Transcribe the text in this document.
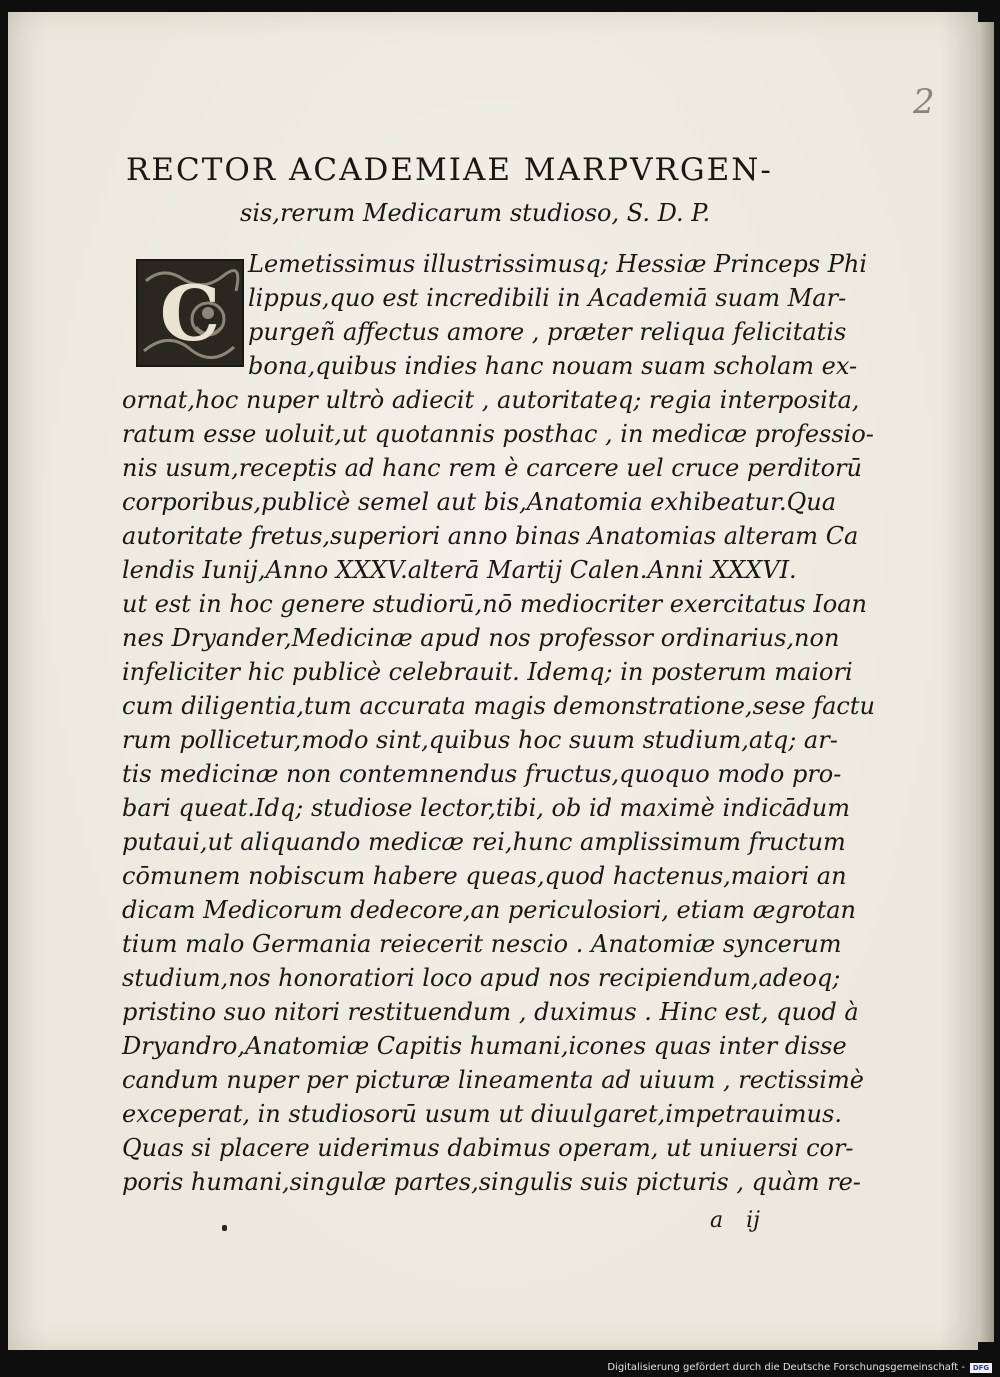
2
RECTOR ACADEMIAE MARPVRGEN-
sis,rerum Medicarum studioso, S. D. P.
C
Lemetissimus illustrissimusq; Hessiæ Princeps Phi
lippus,quo est incredibili in Academiā suam Mar-
purgeñ affectus amore , præter reliqua felicitatis
bona,quibus indies hanc nouam suam scholam ex-
ornat,hoc nuper ultrò adiecit , autoritateq; regia interposita,
ratum esse uoluit,ut quotannis posthac , in medicæ professio-
nis usum,receptis ad hanc rem è carcere uel cruce perditorū
corporibus,publicè semel aut bis,Anatomia exhibeatur.Qua
autoritate fretus,superiori anno binas Anatomias alteram Ca
lendis Iunij,Anno XXXV.alterā Martij Calen.Anni XXXVI.
ut est in hoc genere studiorū,nō mediocriter exercitatus Ioan
nes Dryander,Medicinæ apud nos professor ordinarius,non
infeliciter hic publicè celebrauit. Idemq; in posterum maiori
cum diligentia,tum accurata magis demonstratione,sese factu
rum pollicetur,modo sint,quibus hoc suum studium,atq; ar-
tis medicinæ non contemnendus fructus,quoquo modo pro-
bari queat.Idq; studiose lector,tibi, ob id maximè indicādum
putaui,ut aliquando medicæ rei,hunc amplissimum fructum
cōmunem nobiscum habere queas,quod hactenus,maiori an
dicam Medicorum dedecore,an periculosiori, etiam ægrotan
tium malo Germania reiecerit nescio . Anatomiæ syncerum
studium,nos honoratiori loco apud nos recipiendum,adeoq;
pristino suo nitori restituendum , duximus . Hinc est, quod à
Dryandro,Anatomiæ Capitis humani,icones quas inter disse
candum nuper per picturæ lineamenta ad uiuum , rectissimè
exceperat, in studiosorū usum ut diuulgaret,impetrauimus.
Quas si placere uiderimus dabimus operam, ut uniuersi cor-
poris humani,singulæ partes,singulis suis picturis , quàm re-
a ij
Digitalisierung gefördert durch die Deutsche Forschungsgemeinschaft -	DFG
